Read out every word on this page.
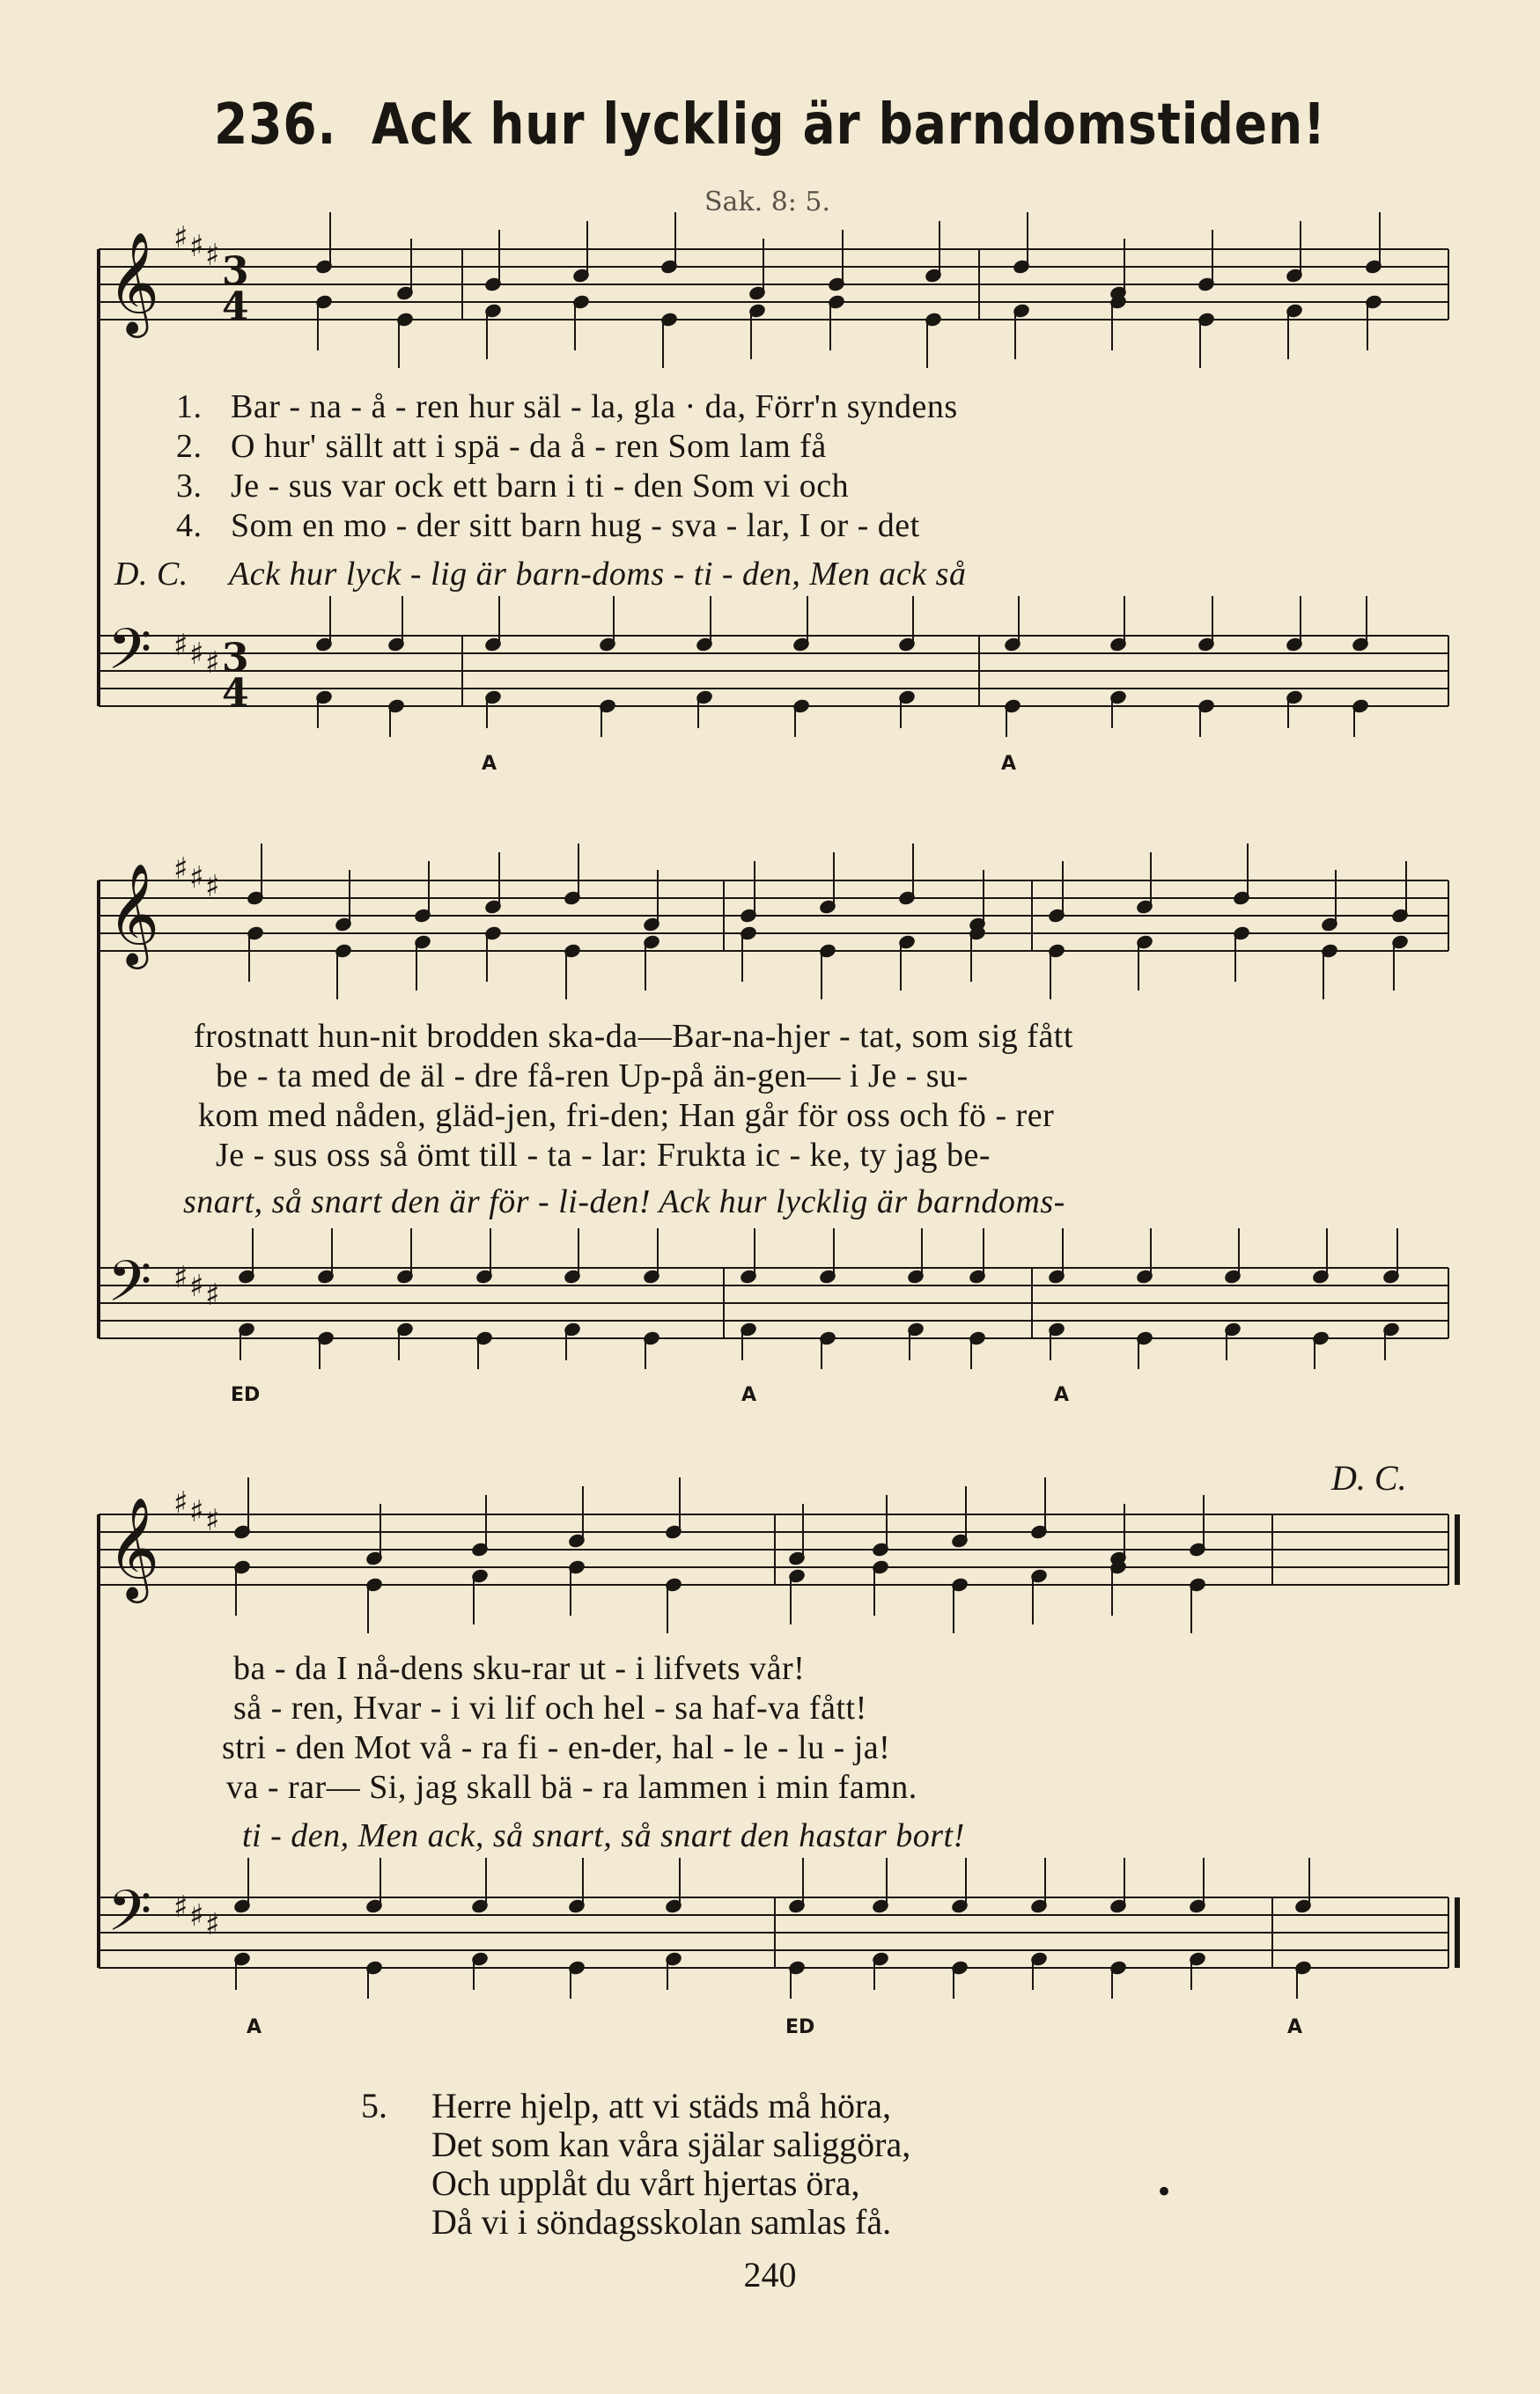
236. Ack hur lycklig är barndomstiden!
Sak. 8: 5.
𝄞
𝄢
♯
♯
♯
♯
♯
♯
3
4
3
4
𝄞
𝄢
♯
♯
♯
♯
♯
♯
𝄞
𝄢
♯
♯
♯
♯
♯
♯
1. Bar - na - å - ren hur säl - la, gla · da, Förr'n syndens
2. O hur' sällt att i spä - da å - ren Som lam få
3. Je - sus var ock ett barn i ti - den Som vi och
4. Som en mo - der sitt barn hug - sva - lar, I or - det
D. C. Ack hur lyck - lig är barn-doms - ti - den, Men ack så
A	A
frostnatt hun-nit brodden ska-da—Bar-na-hjer - tat, som sig fått
be - ta med de äl - dre få-ren Up-på än-gen— i Je - su-
kom med nåden, gläd-jen, fri-den; Han går för oss och fö - rer
Je - sus oss så ömt till - ta - lar: Frukta ic - ke, ty jag be-
snart, så snart den är för - li-den! Ack hur lycklig är barndoms-
ED	A	A
D. C.
ba - da I nå-dens sku-rar ut - i lifvets vår!
så - ren, Hvar - i vi lif och hel - sa haf-va fått!
stri - den Mot vå - ra fi - en-der, hal - le - lu - ja!
va - rar— Si, jag skall bä - ra lammen i min famn.
ti - den, Men ack, så snart, så snart den hastar bort!
A	ED	A
5. Herre hjelp, att vi städs må höra,
Det som kan våra själar saliggöra,
Och upplåt du vårt hjertas öra,
Då vi i söndagsskolan samlas få.
•
240
